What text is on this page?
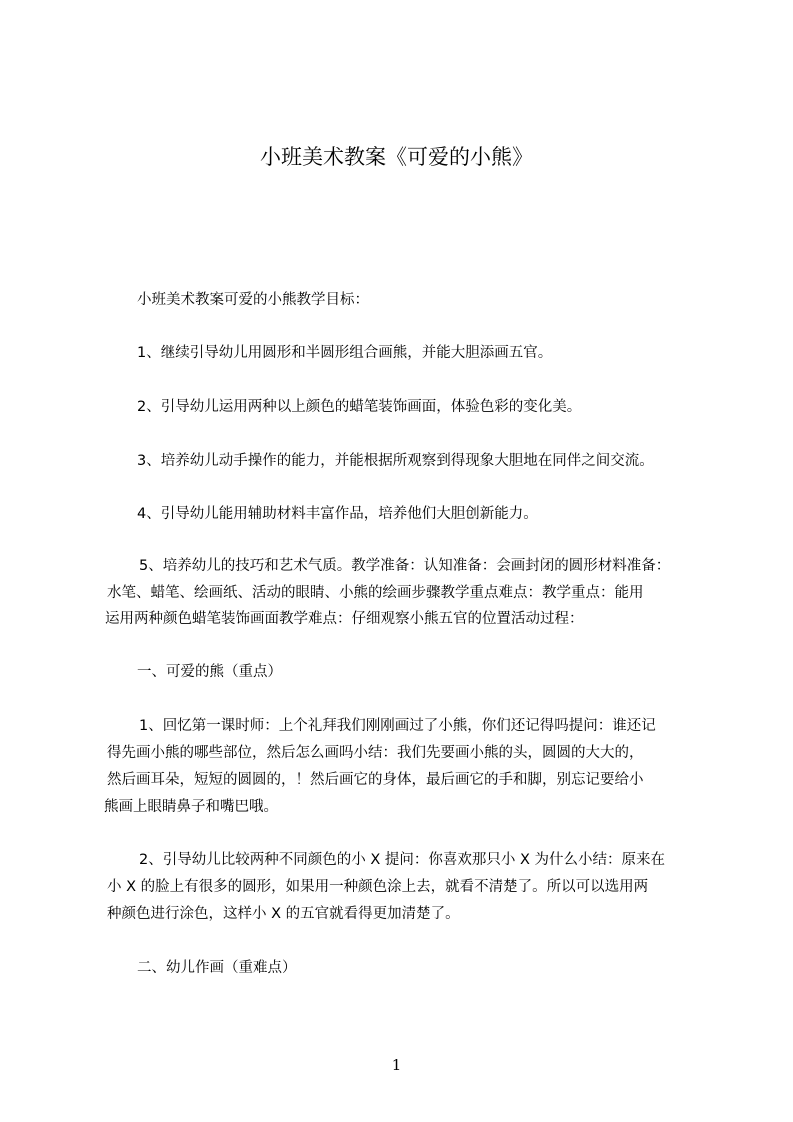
小班美术教案《可爱的小熊》
小班美术教案可爱的小熊教学目标：
1、继续引导幼儿用圆形和半圆形组合画熊，并能大胆添画五官。
2、引导幼儿运用两种以上颜色的蜡笔装饰画面，体验色彩的变化美。
3、培养幼儿动手操作的能力，并能根据所观察到得现象大胆地在同伴之间交流。
4、引导幼儿能用辅助材料丰富作品，培养他们大胆创新能力。
5、培养幼儿的技巧和艺术气质。教学准备：认知准备：会画封闭的圆形材料准备：
水笔、蜡笔、绘画纸、活动的眼睛、小熊的绘画步骤教学重点难点：教学重点：能用
运用两种颜色蜡笔装饰画面教学难点：仔细观察小熊五官的位置活动过程：
一、可爱的熊（重点）
1、回忆第一课时师：上个礼拜我们刚刚画过了小熊，你们还记得吗提问：谁还记
得先画小熊的哪些部位，然后怎么画吗小结：我们先要画小熊的头，圆圆的大大的，
然后画耳朵，短短的圆圆的，！然后画它的身体，最后画它的手和脚，别忘记要给小
熊画上眼睛鼻子和嘴巴哦。
2、引导幼儿比较两种不同颜色的小 X 提问：你喜欢那只小 X 为什么小结：原来在
小 X 的脸上有很多的圆形，如果用一种颜色涂上去，就看不清楚了。所以可以选用两
种颜色进行涂色，这样小 X 的五官就看得更加清楚了。
二、幼儿作画（重难点）
1
